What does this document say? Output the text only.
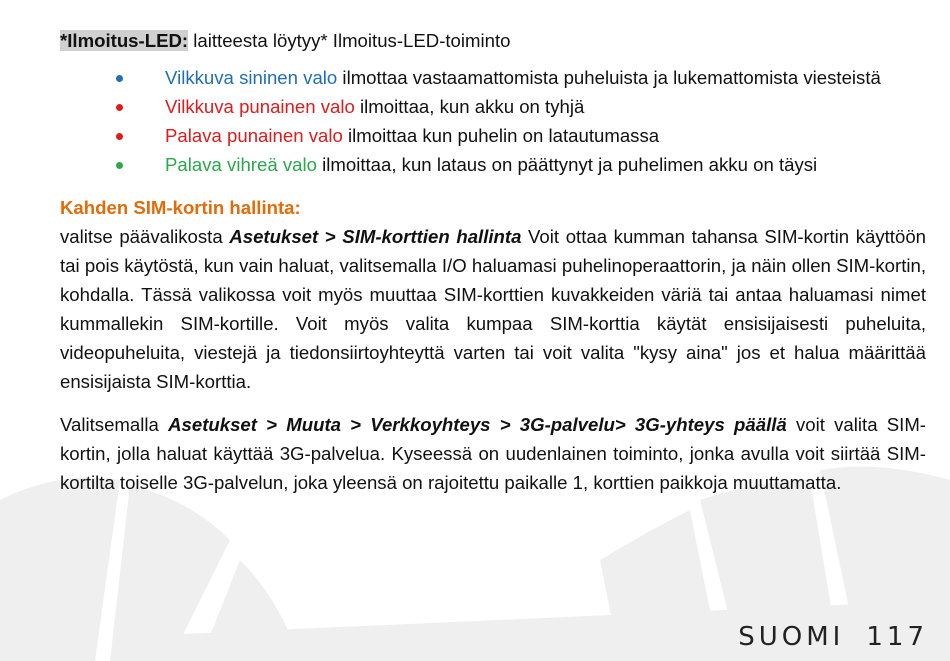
*Ilmoitus-LED: laitteesta löytyy* Ilmoitus-LED-toiminto
Vilkkuva sininen valo ilmottaa vastaamattomista puheluista ja lukemattomista viesteistä
Vilkkuva punainen valo ilmoittaa, kun akku on tyhjä
Palava punainen valo ilmoittaa kun puhelin on latautumassa
Palava vihreä valo ilmoittaa, kun lataus on päättynyt ja puhelimen akku on täysi
Kahden SIM-kortin hallinta:
valitse päävalikosta Asetukset > SIM-korttien hallinta Voit ottaa kumman tahansa SIM-kortin käyttöön tai pois käytöstä, kun vain haluat, valitsemalla I/O haluamasi puhelinoperaattorin, ja näin ollen SIM-kortin, kohdalla. Tässä valikossa voit myös muuttaa SIM-korttien kuvakkeiden väriä tai antaa haluamasi nimet kummallekin SIM-kortille. Voit myös valita kumpaa SIM-korttia käytät ensisijaisesti puheluita, videopuheluita, viestejä ja tiedonsiirtoyhteyttä varten tai voit valita "kysy aina" jos et halua määrittää ensisijaista SIM-korttia.
Valitsemalla Asetukset > Muuta > Verkkoyhteys > 3G-palvelu> 3G-yhteys päällä voit valita SIM-kortin, jolla haluat käyttää 3G-palvelua. Kyseessä on uudenlainen toiminto, jonka avulla voit siirtää SIM-kortilta toiselle 3G-palvelun, joka yleensä on rajoitettu paikalle 1, korttien paikkoja muuttamatta.
SUOMI 117
